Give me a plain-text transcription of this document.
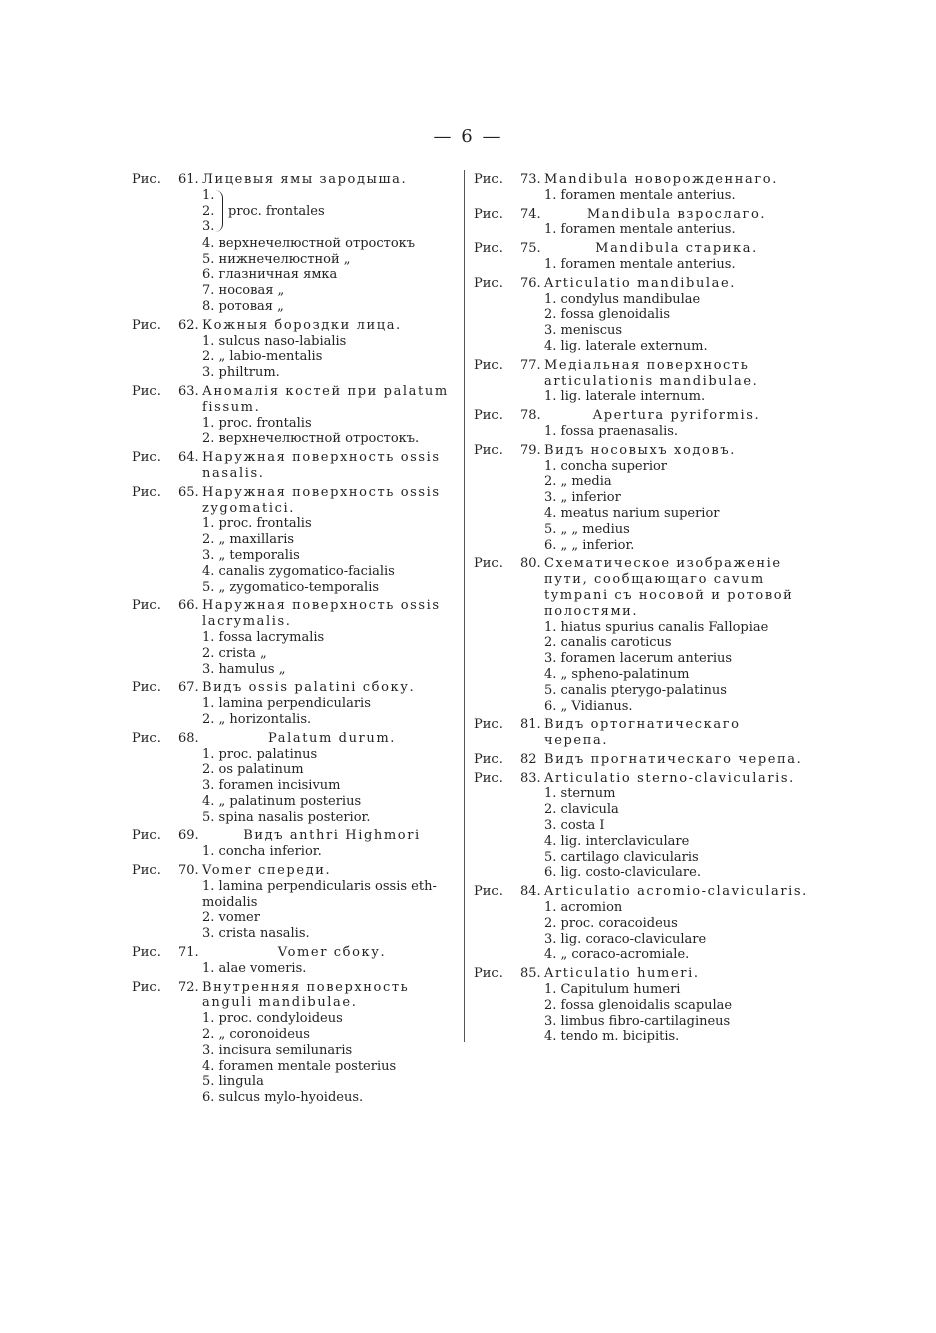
— 6 —
Рис.	61. Лицевыя ямы зародыша.
1.
2.
3.
proc. frontales
4. верхнечелюстной отростокъ
5. нижнечелюстной „
6. глазничная ямка
7. носовая „
8. ротовая „
Рис.	62. Кожныя бороздки лица.
1. sulcus naso-labialis
2. „ labio-mentalis
3. philtrum.
Рис.	63. Аномалія костей при palatum fissum.
1. proc. frontalis
2. верхнечелюстной отростокъ.
Рис.	64. Наружная поверхность ossis nasalis.
Рис.	65. Наружная поверхность ossis zygomatici.
1. proc. frontalis
2. „ maxillaris
3. „ temporalis
4. canalis zygomatico-facialis
5. „ zygomatico-temporalis
Рис.	66. Наружная поверхность ossis lacrymalis.
1. fossa lacrymalis
2. crista „
3. hamulus „
Рис.	67. Видъ ossis palatini сбоку.
1. lamina perpendicularis
2. „ horizontalis.
Рис.	68.	Palatum durum.
1. proc. palatinus
2. os palatinum
3. foramen incisivum
4. „ palatinum posterius
5. spina nasalis posterior.
Рис.	69.	Видъ anthri Highmori
1. concha inferior.
Рис.	70. Vomer спереди.
1. lamina perpendicularis ossis eth-
moidalis
2. vomer
3. crista nasalis.
Рис.	71.	Vomer сбоку.
1. alae vomeris.
Рис.	72. Внутренняя поверхность anguli mandibulae.
1. proc. condyloideus
2. „ coronoideus
3. incisura semilunaris
4. foramen mentale posterius
5. lingula
6. sulcus mylo-hyoideus.
Рис.	73. Mandibula новорожденнаго.
1. foramen mentale anterius.
Рис.	74.	Mandibula взрослаго.
1. foramen mentale anterius.
Рис.	75.	Mandibula старика.
1. foramen mentale anterius.
Рис.	76. Articulatio mandibulae.
1. condylus mandibulae
2. fossa glenoidalis
3. meniscus
4. lig. laterale externum.
Рис.	77. Медіальная поверхность articulationis mandibulae.
1. lig. laterale internum.
Рис.	78.	Apertura pyriformis.
1. fossa praenasalis.
Рис.	79. Видъ носовыхъ ходовъ.
1. concha superior
2. „ media
3. „ inferior
4. meatus narium superior
5. „ „ medius
6. „ „ inferior.
Рис.	80. Схематическое изображеніе пути, сообщающаго cavum tympani съ носовой и ротовой полостями.
1. hiatus spurius canalis Fallopiae
2. canalis caroticus
3. foramen lacerum anterius
4. „ spheno-palatinum
5. canalis pterygo-palatinus
6. „ Vidianus.
Рис.	81. Видъ ортогнатическаго черепа.
Рис.	82 Видъ прогнатическаго черепа.
Рис.	83. Articulatio sterno-clavicularis.
1. sternum
2. clavicula
3. costa I
4. lig. interclaviculare
5. cartilago clavicularis
6. lig. costo-claviculare.
Рис.	84. Articulatio acromio-clavicularis.
1. acromion
2. proc. coracoideus
3. lig. coraco-claviculare
4. „ coraco-acromiale.
Рис.	85. Articulatio humeri.
1. Capitulum humeri
2. fossa glenoidalis scapulae
3. limbus fibro-cartilagineus
4. tendo m. bicipitis.
